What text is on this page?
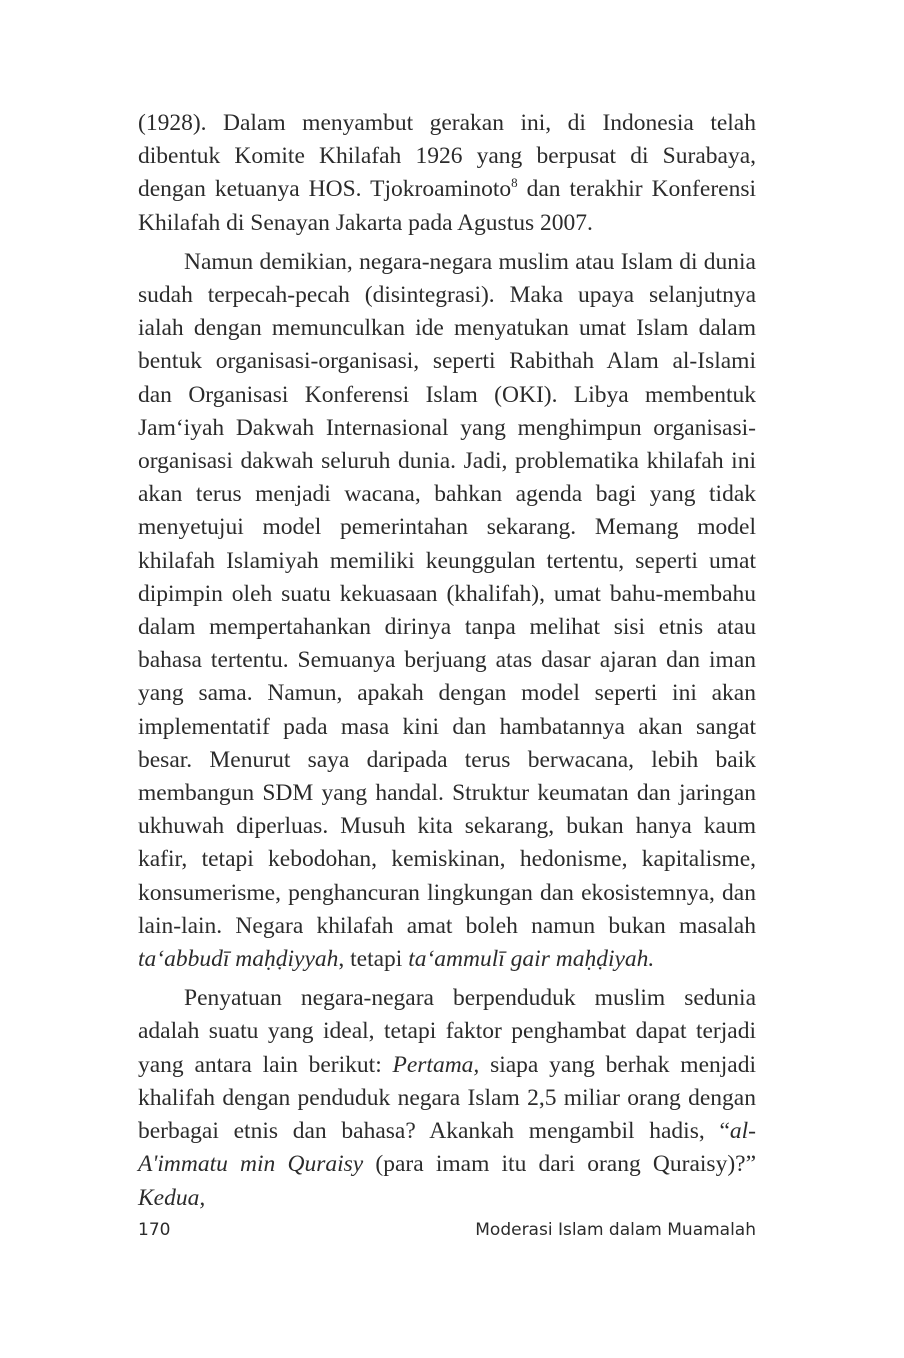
(1928). Dalam menyambut gerakan ini, di Indonesia telah dibentuk Komite Khilafah 1926 yang berpusat di Surabaya, dengan ketuanya HOS. Tjokroaminoto$^8$ dan terakhir Konferensi Khilafah di Senayan Jakarta pada Agustus 2007.

Namun demikian, negara-negara muslim atau Islam di dunia sudah terpecah-pecah (disintegrasi). Maka upaya selanjutnya ialah dengan memunculkan ide menyatukan umat Islam dalam bentuk organisasi-organisasi, seperti Rabithah Alam al-Islami dan Organisasi Konferensi Islam (OKI). Libya membentuk Jam‘iyah Dakwah Internasional yang menghimpun organisasi-organisasi dakwah seluruh dunia. Jadi, problematika khilafah ini akan terus menjadi wacana, bahkan agenda bagi yang tidak menyetujui model pemerintahan sekarang. Memang model khilafah Islamiyah memiliki keunggulan tertentu, seperti umat dipimpin oleh suatu kekuasaan (khalifah), umat bahu-membahu dalam mempertahankan dirinya tanpa melihat sisi etnis atau bahasa tertentu. Semuanya berjuang atas dasar ajaran dan iman yang sama. Namun, apakah dengan model seperti ini akan implementatif pada masa kini dan hambatannya akan sangat besar. Menurut saya daripada terus berwacana, lebih baik membangun SDM yang handal. Struktur keumatan dan jaringan ukhuwah diperluas. Musuh kita sekarang, bukan hanya kaum kafir, tetapi kebodohan, kemiskinan, hedonisme, kapitalisme, konsumerisme, penghancuran lingkungan dan ekosistemnya, dan lain-lain. Negara khilafah amat boleh namun bukan masalah ta‘abbudī maḥḍiyyah, tetapi ta‘ammulī gair maḥḍiyah.

Penyatuan negara-negara berpenduduk muslim sedunia adalah suatu yang ideal, tetapi faktor penghambat dapat terjadi yang antara lain berikut: Pertama, siapa yang berhak menjadi khalifah dengan penduduk negara Islam 2,5 miliar orang dengan berbagai etnis dan bahasa? Akankah mengambil hadis, “al-A'immatu min Quraisy (para imam itu dari orang Quraisy)?” Kedua,

170	Moderasi Islam dalam Muamalah
